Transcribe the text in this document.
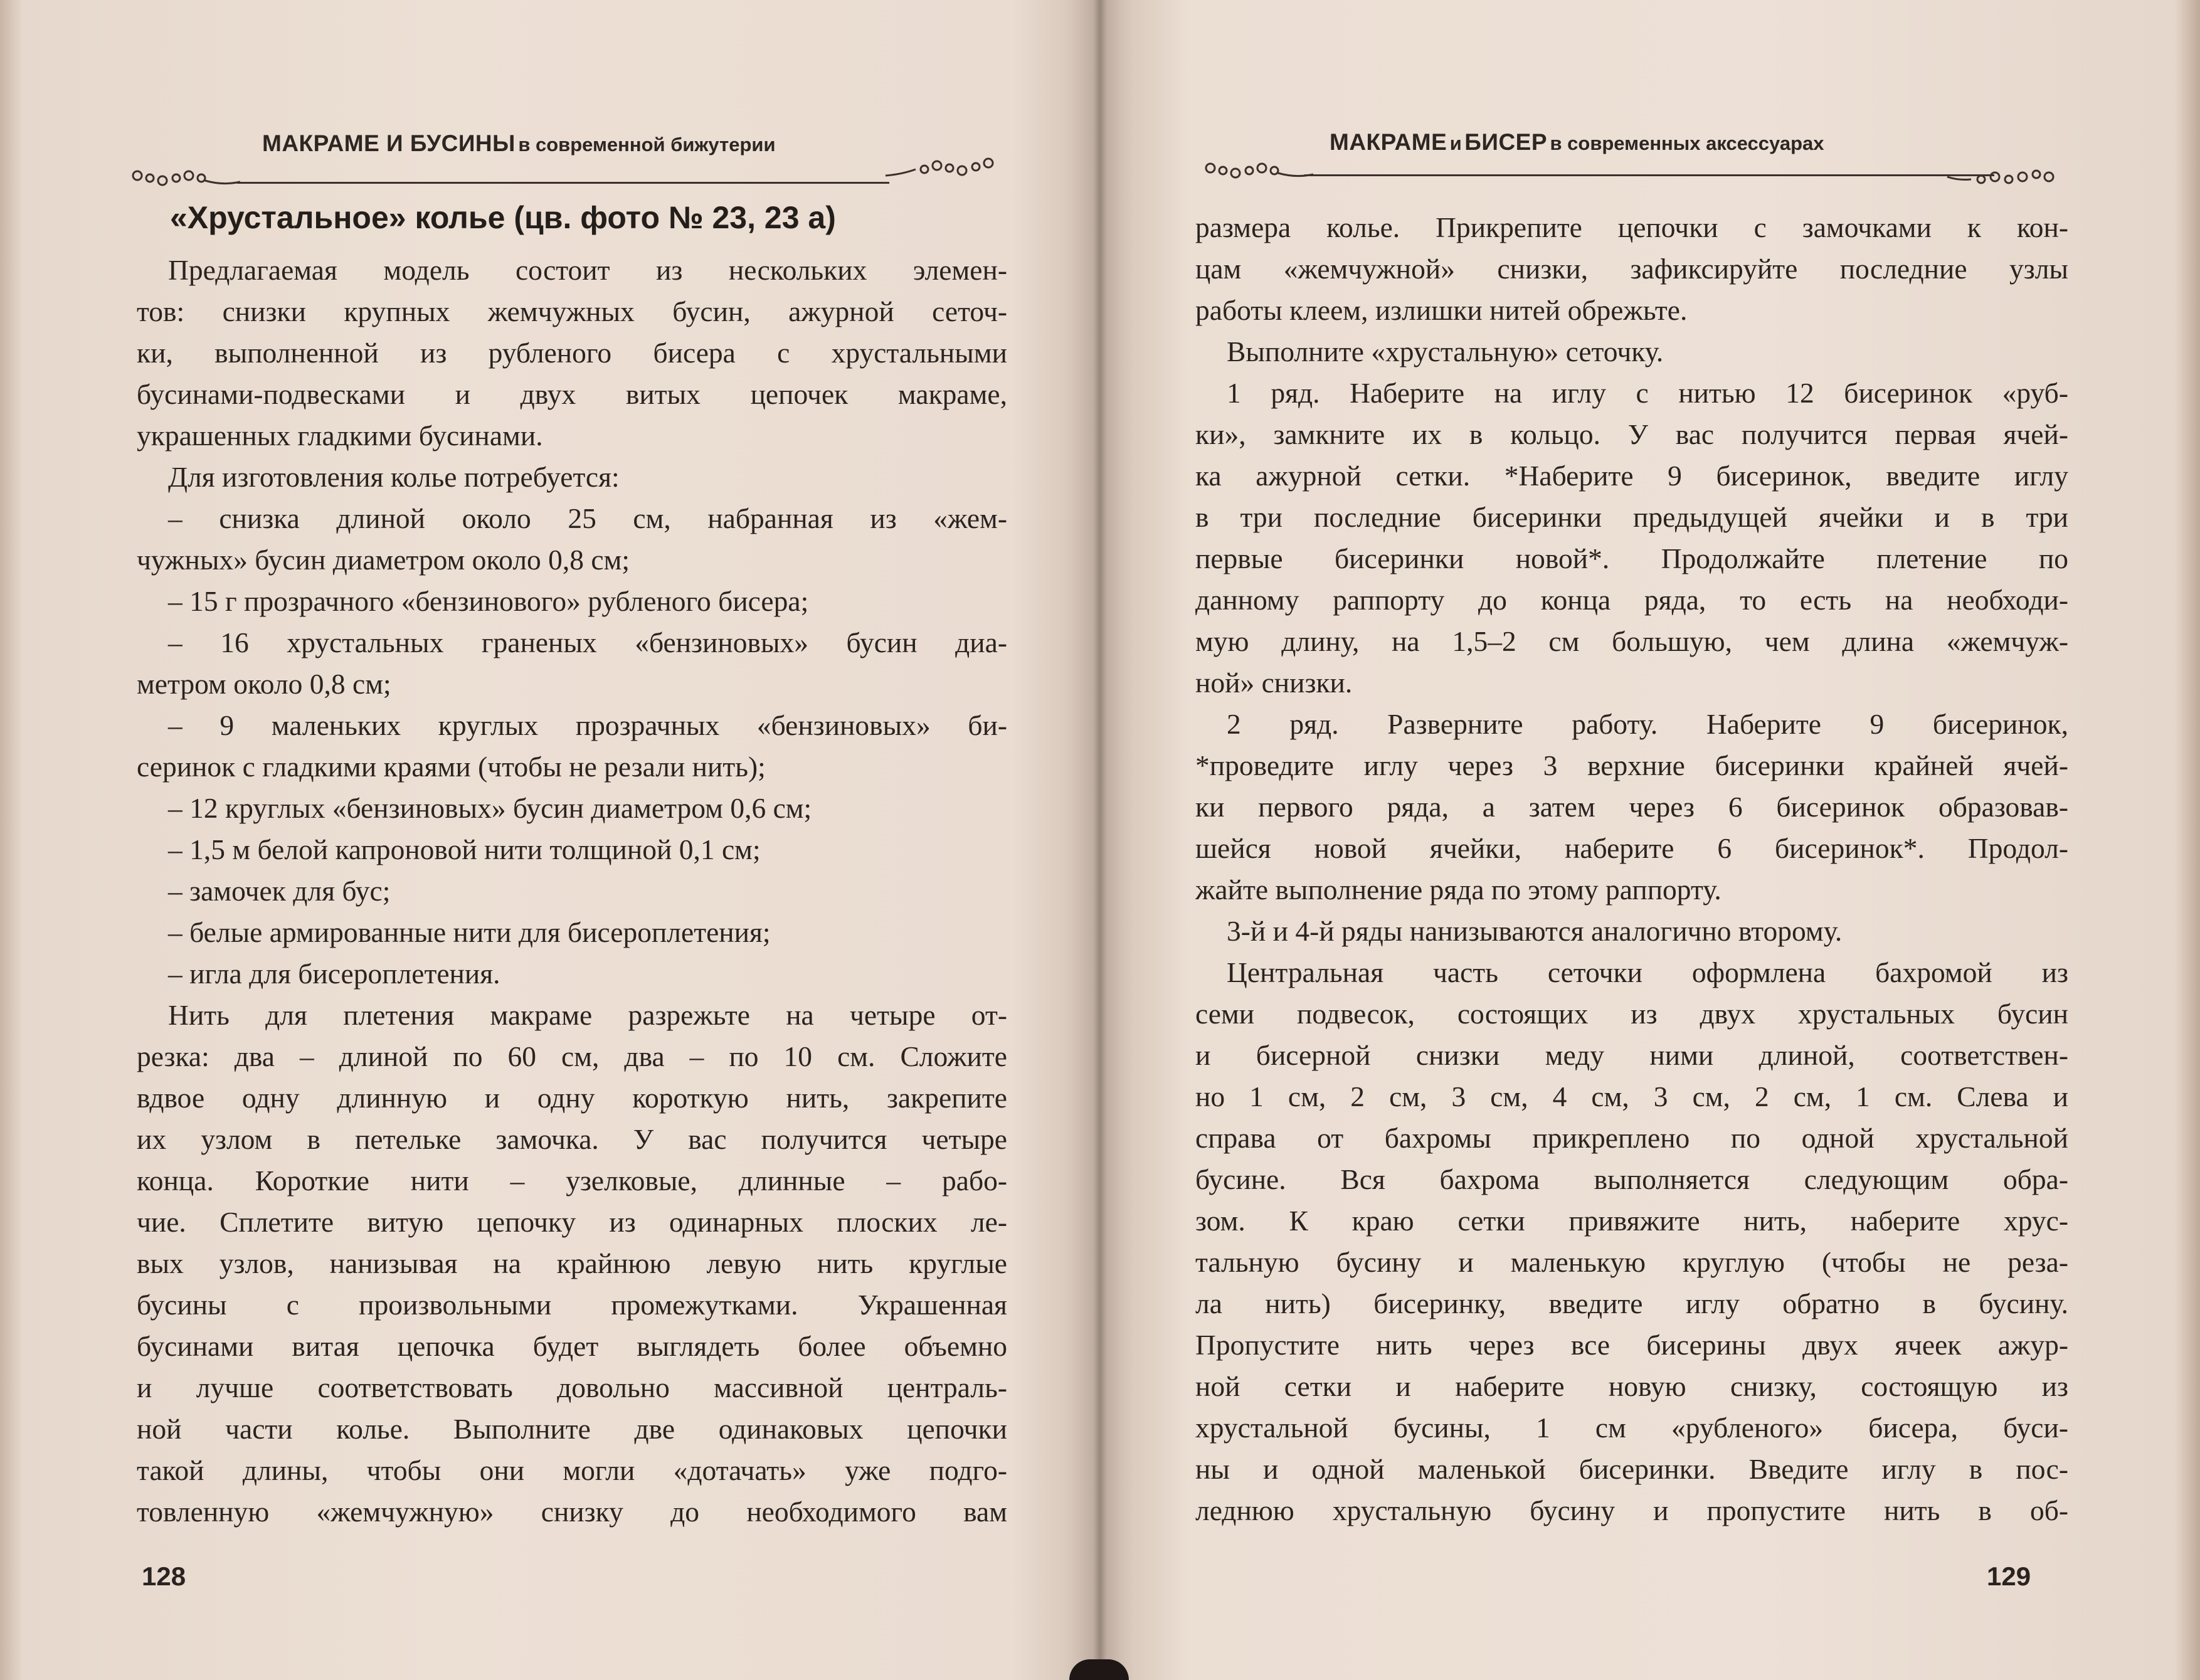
МАКРАМЕ И БУСИНЫ в современной бижутерии
«Хрустальное» колье (цв. фото № 23, 23 а)

Предлагаемая модель состоит из нескольких элемен-

тов: снизки крупных жемчужных бусин, ажурной сеточ-

ки, выполненной из рубленого бисера с хрустальными

бусинами-подвесками и двух витых цепочек макраме,

украшенных гладкими бусинами.

Для изготовления колье потребуется:

– снизка длиной около 25 см, набранная из «жем-

чужных» бусин диаметром около 0,8 см;

– 15 г прозрачного «бензинового» рубленого бисера;

– 16 хрустальных граненых «бензиновых» бусин диа-

метром около 0,8 см;

– 9 маленьких круглых прозрачных «бензиновых» би-

серинок с гладкими краями (чтобы не резали нить);

– 12 круглых «бензиновых» бусин диаметром 0,6 см;

– 1,5 м белой капроновой нити толщиной 0,1 см;

– замочек для бус;

– белые армированные нити для бисероплетения;

– игла для бисероплетения.

Нить для плетения макраме разрежьте на четыре от-

резка: два – длиной по 60 см, два – по 10 см. Сложите

вдвое одну длинную и одну короткую нить, закрепите

их узлом в петельке замочка. У вас получится четыре

конца. Короткие нити – узелковые, длинные – рабо-

чие. Сплетите витую цепочку из одинарных плоских ле-

вых узлов, нанизывая на крайнюю левую нить круглые

бусины с произвольными промежутками. Украшенная

бусинами витая цепочка будет выглядеть более объемно

и лучше соответствовать довольно массивной централь-

ной части колье. Выполните две одинаковых цепочки

такой длины, чтобы они могли «дотачать» уже подго-

товленную «жемчужную» снизку до необходимого вам

128
МАКРАМЕ и БИСЕР в современных аксессуарах

размера колье. Прикрепите цепочки с замочками к кон-

цам «жемчужной» снизки, зафиксируйте последние узлы

работы клеем, излишки нитей обрежьте.

Выполните «хрустальную» сеточку.

1 ряд. Наберите на иглу с нитью 12 бисеринок «руб-

ки», замкните их в кольцо. У вас получится первая ячей-

ка ажурной сетки. *Наберите 9 бисеринок, введите иглу

в три последние бисеринки предыдущей ячейки и в три

первые бисеринки новой*. Продолжайте плетение по

данному раппорту до конца ряда, то есть на необходи-

мую длину, на 1,5–2 см большую, чем длина «жемчуж-

ной» снизки.

2 ряд. Разверните работу. Наберите 9 бисеринок,

*проведите иглу через 3 верхние бисеринки крайней ячей-

ки первого ряда, а затем через 6 бисеринок образовав-

шейся новой ячейки, наберите 6 бисеринок*. Продол-

жайте выполнение ряда по этому раппорту.

3-й и 4-й ряды нанизываются аналогично второму.

Центральная часть сеточки оформлена бахромой из

семи подвесок, состоящих из двух хрустальных бусин

и бисерной снизки меду ними длиной, соответствен-

но 1 см, 2 см, 3 см, 4 см, 3 см, 2 см, 1 см. Слева и

справа от бахромы прикреплено по одной хрустальной

бусине. Вся бахрома выполняется следующим обра-

зом. К краю сетки привяжите нить, наберите хрус-

тальную бусину и маленькую круглую (чтобы не реза-

ла нить) бисеринку, введите иглу обратно в бусину.

Пропустите нить через все бисерины двух ячеек ажур-

ной сетки и наберите новую снизку, состоящую из

хрустальной бусины, 1 см «рубленого» бисера, буси-

ны и одной маленькой бисеринки. Введите иглу в пос-

леднюю хрустальную бусину и пропустите нить в об-

129
